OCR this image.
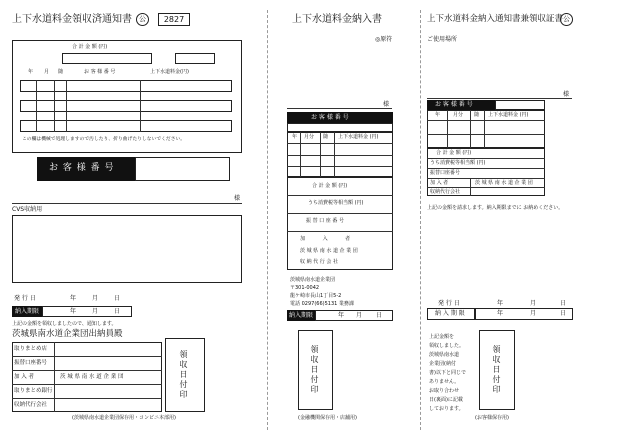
上下水道料金領収済通知書	公	2827
合 計 金 額 (円)
年 月 随	お 客 様 番 号	上下水道料金(円)
この欄は機械で処理しますので汚したり、折り曲げたりしないでください。
お 客 様 番 号
様
CVS収納用
発 行 日	年	月	日
納入期限	年	月	日
上記の金額を領収しましたので、通知します。
茨城県南水道企業団出納員殿
取りまとめ店
振替口座番号
加 入 者	茨 城 県 南 水 道 企 業 団
取りまとめ銀行
収納代行会社
領収日付印
(茨城県南水道企業団保存用・コンビニ本部用)
上下水道料金納入書
◎原符
様
お 客 様 番 号
年 月分 随 上下水道料金 (円)
合 計 金 額 (円)
うち消費税等相当額 (円)
振 替 口 座 番 号
加 入 者
茨 城 県 南 水 道 企 業 団
収 納 代 行 会 社
茨城県南水道企業団
〒301-0042
龍ケ崎市長山1丁目5-2
電話 0297(66)5131 業務課
納入期限	年 月 日
領収日付印
(金融機関保存用・店舗用)
上下水道料金納入通知書兼領収証書 公
ご使用場所
様
お 客 様 番 号
年	月分 随 上下水道料金 (円)
合 計 金 額 (円)
うち消費税等相当額 (円)
振替口座番号
加 入 者	茨 城 県 南 水 道 企 業 団
収納代行会社
上記の金額を請求します。納入期限までに お納めください。
発 行 日	年	月	日
納 入 期 限	年	月	日
上記金額を
領収しました。
茨城県南水道
企業団(納付
書)以下と同じで
ありません。
お取り合わせ
日(裏面)に記載
しております。
領収日付印
(お客様保存用)
